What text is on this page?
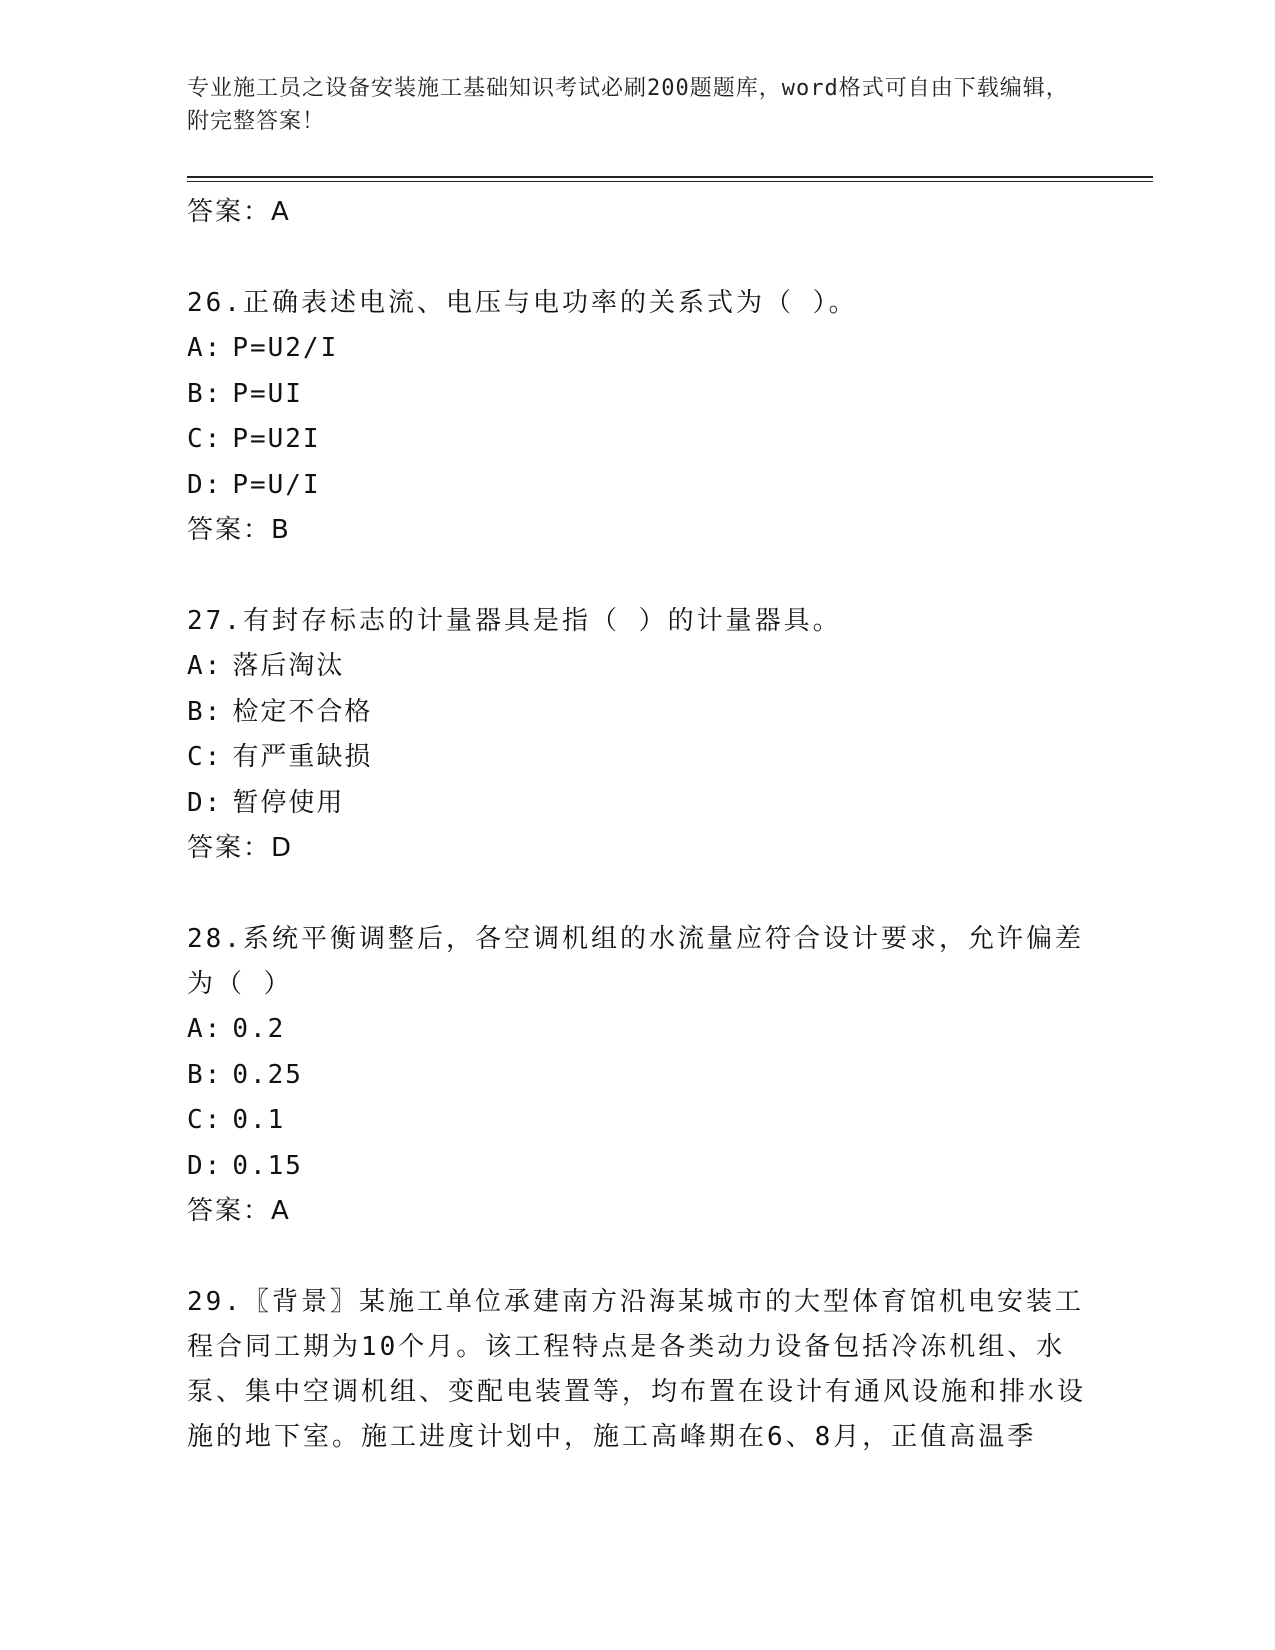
专业施工员之设备安装施工基础知识考试必刷200题题库，word格式可自由下载编辑，附完整答案！
答案：A
26.正确表述电流、电压与电功率的关系式为（ ）。
A: P=U2/I
B: P=UI
C: P=U2I
D: P=U/I
答案：B
27.有封存标志的计量器具是指（ ）的计量器具。
A: 落后淘汰
B: 检定不合格
C: 有严重缺损
D: 暂停使用
答案：D
28.系统平衡调整后，各空调机组的水流量应符合设计要求，允许偏差为（ ）
A: 0.2
B: 0.25
C: 0.1
D: 0.15
答案：A
29.〖背景〗某施工单位承建南方沿海某城市的大型体育馆机电安装工程合同工期为10个月。该工程特点是各类动力设备包括冷冻机组、水泵、集中空调机组、变配电装置等，均布置在设计有通风设施和排水设施的地下室。施工进度计划中，施工高峰期在6、8月，正值高温季
